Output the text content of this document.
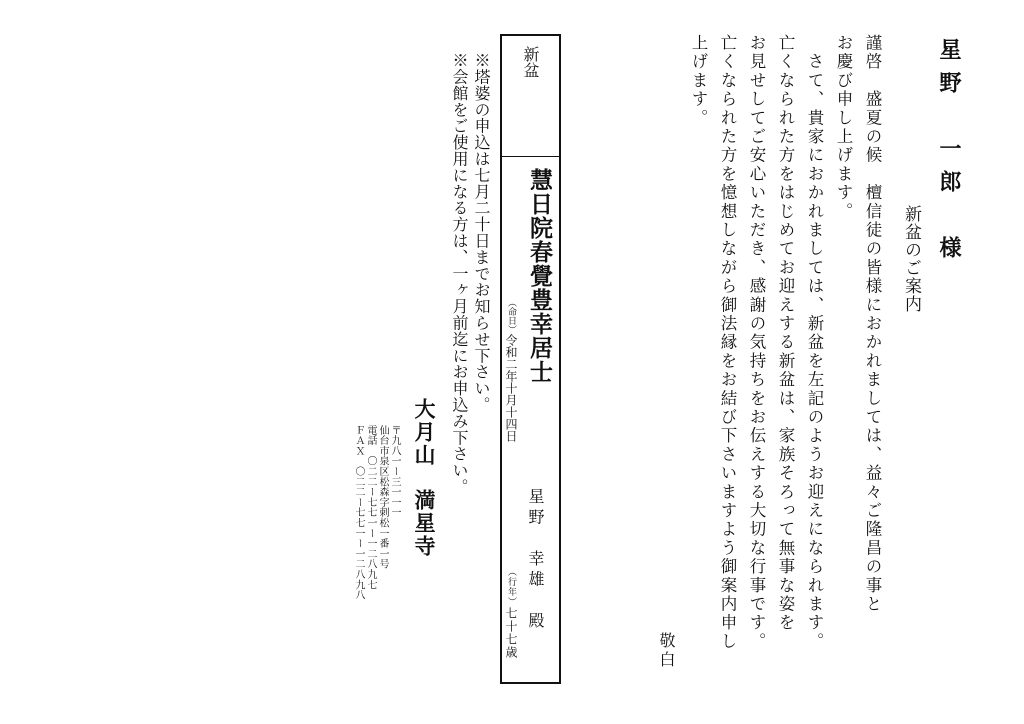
星野　一郎　様
新盆のご案内
謹啓　盛夏の候　檀信徒の皆様におかれましては、益々ご隆昌の事と
お慶び申し上げます。
　さて、貴家におかれましては、新盆を左記のようお迎えになられます。
亡くなられた方をはじめてお迎えする新盆は、家族そろって無事な姿を
お見せしてご安心いただき、感謝の気持ちをお伝えする大切な行事です。
亡くなられた方を憶想しながら御法縁をお結び下さいますよう御案内申し
上げます。
敬白
新盆
慧日院春覺豊幸居士
（命日）令和二年十月十四日
星野　幸雄　殿
（行年）七十七歳
※塔婆の申込は七月二十日までお知らせ下さい。
※会館をご使用になる方は、一ヶ月前迄にお申込み下さい。
大月山満星寺
〒九八一ー三一一一
仙台市泉区松森字刺松一番一号
電話　〇二二ー七七一ー一二八九七
ＦＡＸ　〇二二ー七七一ー一二八九八
